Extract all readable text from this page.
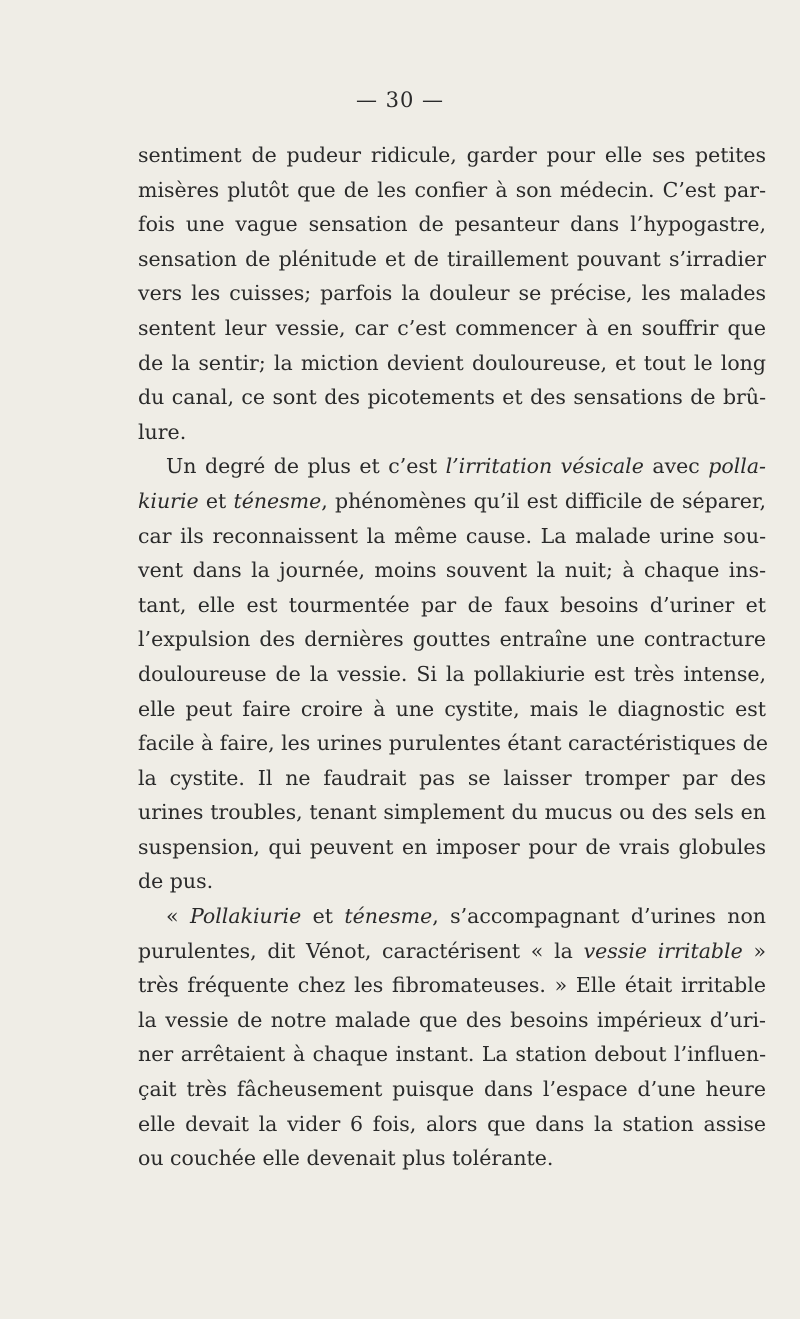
— 30 —
sentiment de pudeur ridicule, garder pour elle ses petites
misères plutôt que de les confier à son médecin. C’est par-
fois une vague sensation de pesanteur dans l’hypogastre,
sensation de plénitude et de tiraillement pouvant s’irradier
vers les cuisses; parfois la douleur se précise, les malades
sentent leur vessie, car c’est commencer à en souffrir que
de la sentir; la miction devient douloureuse, et tout le long
du canal, ce sont des picotements et des sensations de brû-
lure.
Un degré de plus et c’est l’irritation vésicale avec polla-
kiurie et ténesme, phénomènes qu’il est difficile de séparer,
car ils reconnaissent la même cause. La malade urine sou-
vent dans la journée, moins souvent la nuit; à chaque ins-
tant, elle est tourmentée par de faux besoins d’uriner et
l’expulsion des dernières gouttes entraîne une contracture
douloureuse de la vessie. Si la pollakiurie est très intense,
elle peut faire croire à une cystite, mais le diagnostic est
facile à faire, les urines purulentes étant caractéristiques de
la cystite. Il ne faudrait pas se laisser tromper par des
urines troubles, tenant simplement du mucus ou des sels en
suspension, qui peuvent en imposer pour de vrais globules
de pus.
« Pollakiurie et ténesme, s’accompagnant d’urines non
purulentes, dit Vénot, caractérisent « la vessie irritable »
très fréquente chez les fibromateuses. » Elle était irritable
la vessie de notre malade que des besoins impérieux d’uri-
ner arrêtaient à chaque instant. La station debout l’influen-
çait très fâcheusement puisque dans l’espace d’une heure
elle devait la vider 6 fois, alors que dans la station assise
ou couchée elle devenait plus tolérante.
